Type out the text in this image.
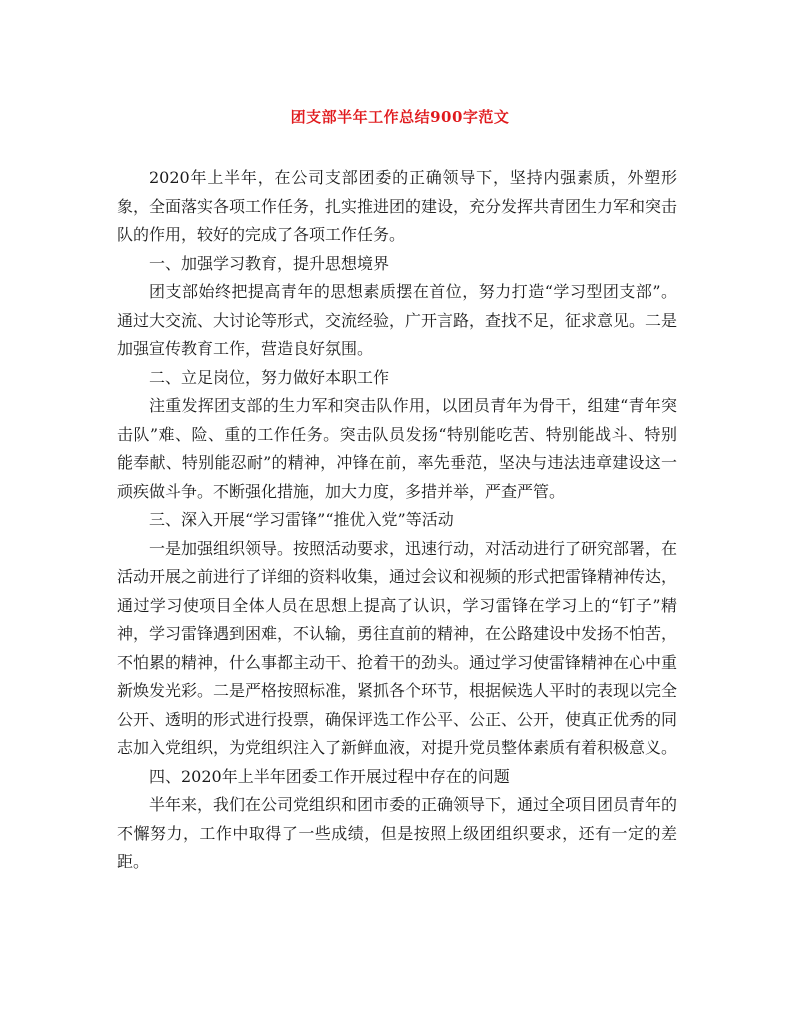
团支部半年工作总结900字范文

2020年上半年，在公司支部团委的正确领导下，坚持内强素质，外塑形象，全面落实各项工作任务，扎实推进团的建设，充分发挥共青团生力军和突击队的作用，较好的完成了各项工作任务。

一、加强学习教育，提升思想境界

团支部始终把提高青年的思想素质摆在首位，努力打造“学习型团支部”。通过大交流、大讨论等形式，交流经验，广开言路，查找不足，征求意见。二是加强宣传教育工作，营造良好氛围。

二、立足岗位，努力做好本职工作

注重发挥团支部的生力军和突击队作用，以团员青年为骨干，组建“青年突击队”难、险、重的工作任务。突击队员发扬“特别能吃苦、特别能战斗、特别能奉献、特别能忍耐”的精神，冲锋在前，率先垂范，坚决与违法违章建设这一顽疾做斗争。不断强化措施，加大力度，多措并举，严查严管。

三、深入开展“学习雷锋”“推优入党”等活动

一是加强组织领导。按照活动要求，迅速行动，对活动进行了研究部署，在活动开展之前进行了详细的资料收集，通过会议和视频的形式把雷锋精神传达，通过学习使项目全体人员在思想上提高了认识，学习雷锋在学习上的“钉子”精神，学习雷锋遇到困难，不认输，勇往直前的精神，在公路建设中发扬不怕苦，不怕累的精神，什么事都主动干、抢着干的劲头。通过学习使雷锋精神在心中重新焕发光彩。二是严格按照标准，紧抓各个环节，根据候选人平时的表现以完全公开、透明的形式进行投票，确保评选工作公平、公正、公开，使真正优秀的同志加入党组织，为党组织注入了新鲜血液，对提升党员整体素质有着积极意义。

四、2020年上半年团委工作开展过程中存在的问题

半年来，我们在公司党组织和团市委的正确领导下，通过全项目团员青年的不懈努力，工作中取得了一些成绩，但是按照上级团组织要求，还有一定的差距。
